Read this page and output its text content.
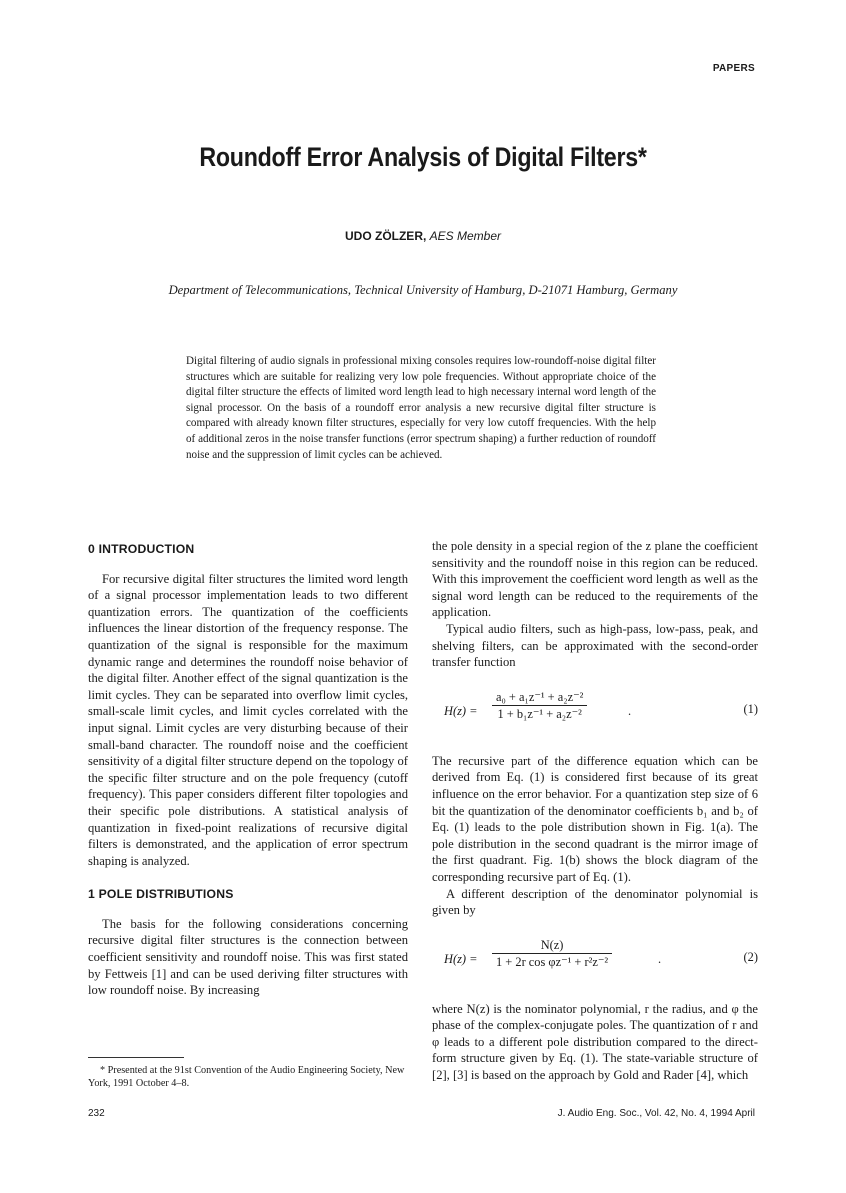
PAPERS
Roundoff Error Analysis of Digital Filters*
UDO ZÖLZER, AES Member
Department of Telecommunications, Technical University of Hamburg, D-21071 Hamburg, Germany
Digital filtering of audio signals in professional mixing consoles requires low-roundoff-noise digital filter structures which are suitable for realizing very low pole frequencies. Without appropriate choice of the digital filter structure the effects of limited word length lead to high necessary internal word length of the signal processor. On the basis of a roundoff error analysis a new recursive digital filter structure is compared with already known filter structures, especially for very low cutoff frequencies. With the help of additional zeros in the noise transfer functions (error spectrum shaping) a further reduction of roundoff noise and the suppression of limit cycles can be achieved.
0 INTRODUCTION

For recursive digital filter structures the limited word length of a signal processor implementation leads to two different quantization errors. The quantization of the coefficients influences the linear distortion of the frequency response. The quantization of the signal is responsible for the maximum dynamic range and determines the roundoff noise behavior of the digital filter. Another effect of the signal quantization is the limit cycles. They can be separated into overflow limit cycles, small-scale limit cycles, and limit cycles correlated with the input signal. Limit cycles are very disturbing because of their small-band character. The roundoff noise and the coefficient sensitivity of a digital filter structure depend on the topology of the specific filter structure and on the pole frequency (cutoff frequency). This paper considers different filter topologies and their specific pole distributions. A statistical analysis of quantization in fixed-point realizations of recursive digital filters is demonstrated, and the application of error spectrum shaping is analyzed.

1 POLE DISTRIBUTIONS

The basis for the following considerations concerning recursive digital filter structures is the connection between coefficient sensitivity and roundoff noise. This was first stated by Fettweis [1] and can be used deriving filter structures with low roundoff noise. By increasing

* Presented at the 91st Convention of the Audio Engineering Society, New York, 1991 October 4–8.

the pole density in a special region of the z plane the coefficient sensitivity and the roundoff noise in this region can be reduced. With this improvement the coefficient word length as well as the signal word length can be reduced to the requirements of the application.

Typical audio filters, such as high-pass, low-pass, peak, and shelving filters, can be approximated with the second-order transfer function

$H(z) = \frac{\text{a₀ + a₁z⁻¹ + a₂z⁻²}}{\text{1 + b₁z⁻¹ + a₂z⁻²}}$	.	(1)

The recursive part of the difference equation which can be derived from Eq. (1) is considered first because of its great influence on the error behavior. For a quantization step size of 6 bit the quantization of the denominator coefficients b₁ and b₂ of Eq. (1) leads to the pole distribution shown in Fig. 1(a). The pole distribution in the second quadrant is the mirror image of the first quadrant. Fig. 1(b) shows the block diagram of the corresponding recursive part of Eq. (1).

A different description of the denominator polynomial is given by

$H(z) = \frac{N(z)}{\text{1 + 2r cos φz⁻¹ + r²z⁻²}}$	.	(2)

where N(z) is the nominator polynomial, r the radius, and φ the phase of the complex-conjugate poles. The quantization of r and φ leads to a different pole distribution compared to the direct-form structure given by Eq. (1). The state-variable structure of [2], [3] is based on the approach by Gold and Rader [4], which

232	J. Audio Eng. Soc., Vol. 42, No. 4, 1994 April
